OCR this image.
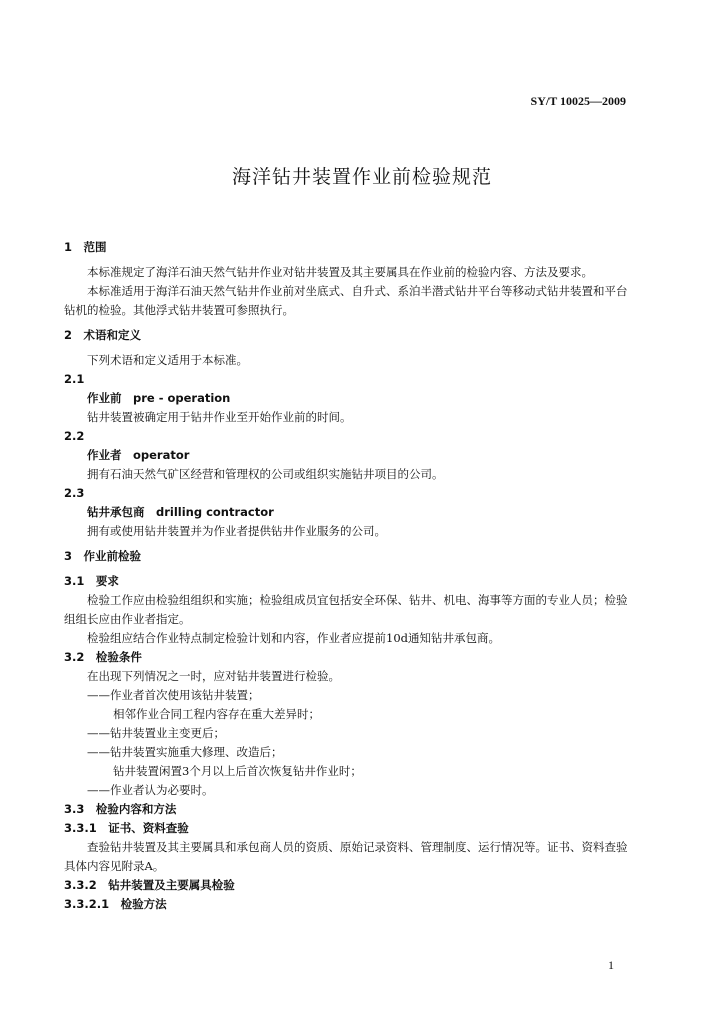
SY/T 10025—2009
海洋钻井装置作业前检验规范
1　范围
本标准规定了海洋石油天然气钻井作业对钻井装置及其主要属具在作业前的检验内容、方法及要求。
本标准适用于海洋石油天然气钻井作业前对坐底式、自升式、系泊半潜式钻井平台等移动式钻井装置和平台钻机的检验。其他浮式钻井装置可参照执行。
2　术语和定义
下列术语和定义适用于本标准。
2.1
作业前　pre - operation
钻井装置被确定用于钻井作业至开始作业前的时间。
2.2
作业者　operator
拥有石油天然气矿区经营和管理权的公司或组织实施钻井项目的公司。
2.3
钻井承包商　drilling contractor
拥有或使用钻井装置并为作业者提供钻井作业服务的公司。
3　作业前检验
3.1　要求
检验工作应由检验组组织和实施；检验组成员宜包括安全环保、钻井、机电、海事等方面的专业人员；检验组组长应由作业者指定。
检验组应结合作业特点制定检验计划和内容，作业者应提前10d通知钻井承包商。
3.2　检验条件
在出现下列情况之一时，应对钻井装置进行检验。
——作业者首次使用该钻井装置；
相邻作业合同工程内容存在重大差异时；
——钻井装置业主变更后；
——钻井装置实施重大修理、改造后；
钻井装置闲置3个月以上后首次恢复钻井作业时；
——作业者认为必要时。
3.3　检验内容和方法
3.3.1　证书、资料查验
查验钻井装置及其主要属具和承包商人员的资质、原始记录资料、管理制度、运行情况等。证书、资料查验具体内容见附录A。
3.3.2　钻井装置及主要属具检验
3.3.2.1　检验方法
1
